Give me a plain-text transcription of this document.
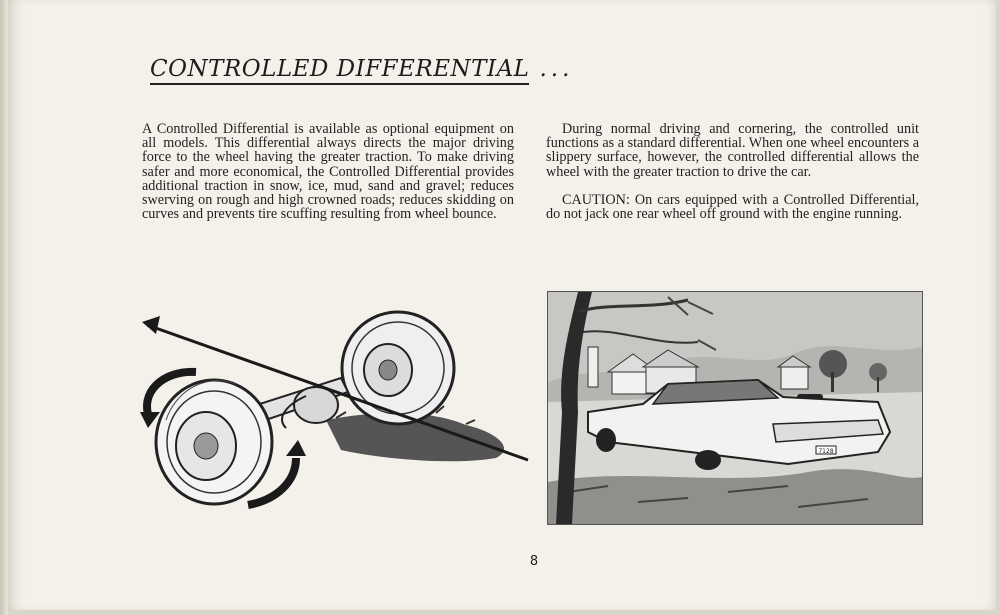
CONTROLLED DIFFERENTIAL ...

A Controlled Differential is available as optional equipment on all models. This differential always directs the major driving force to the wheel having the greater traction. To make driving safer and more economical, the Controlled Differential provides additional traction in snow, ice, mud, sand and gravel; reduces swerving on rough and high crowned roads; reduces skidding on curves and prevents tire scuffing resulting from wheel bounce.

During normal driving and cornering, the controlled unit functions as a standard differential. When one wheel encounters a slippery surface, however, the controlled differential allows the wheel with the greater traction to drive the car.

CAUTION: On cars equipped with a Controlled Differential, do not jack one rear wheel off ground with the engine running.

7128
8
